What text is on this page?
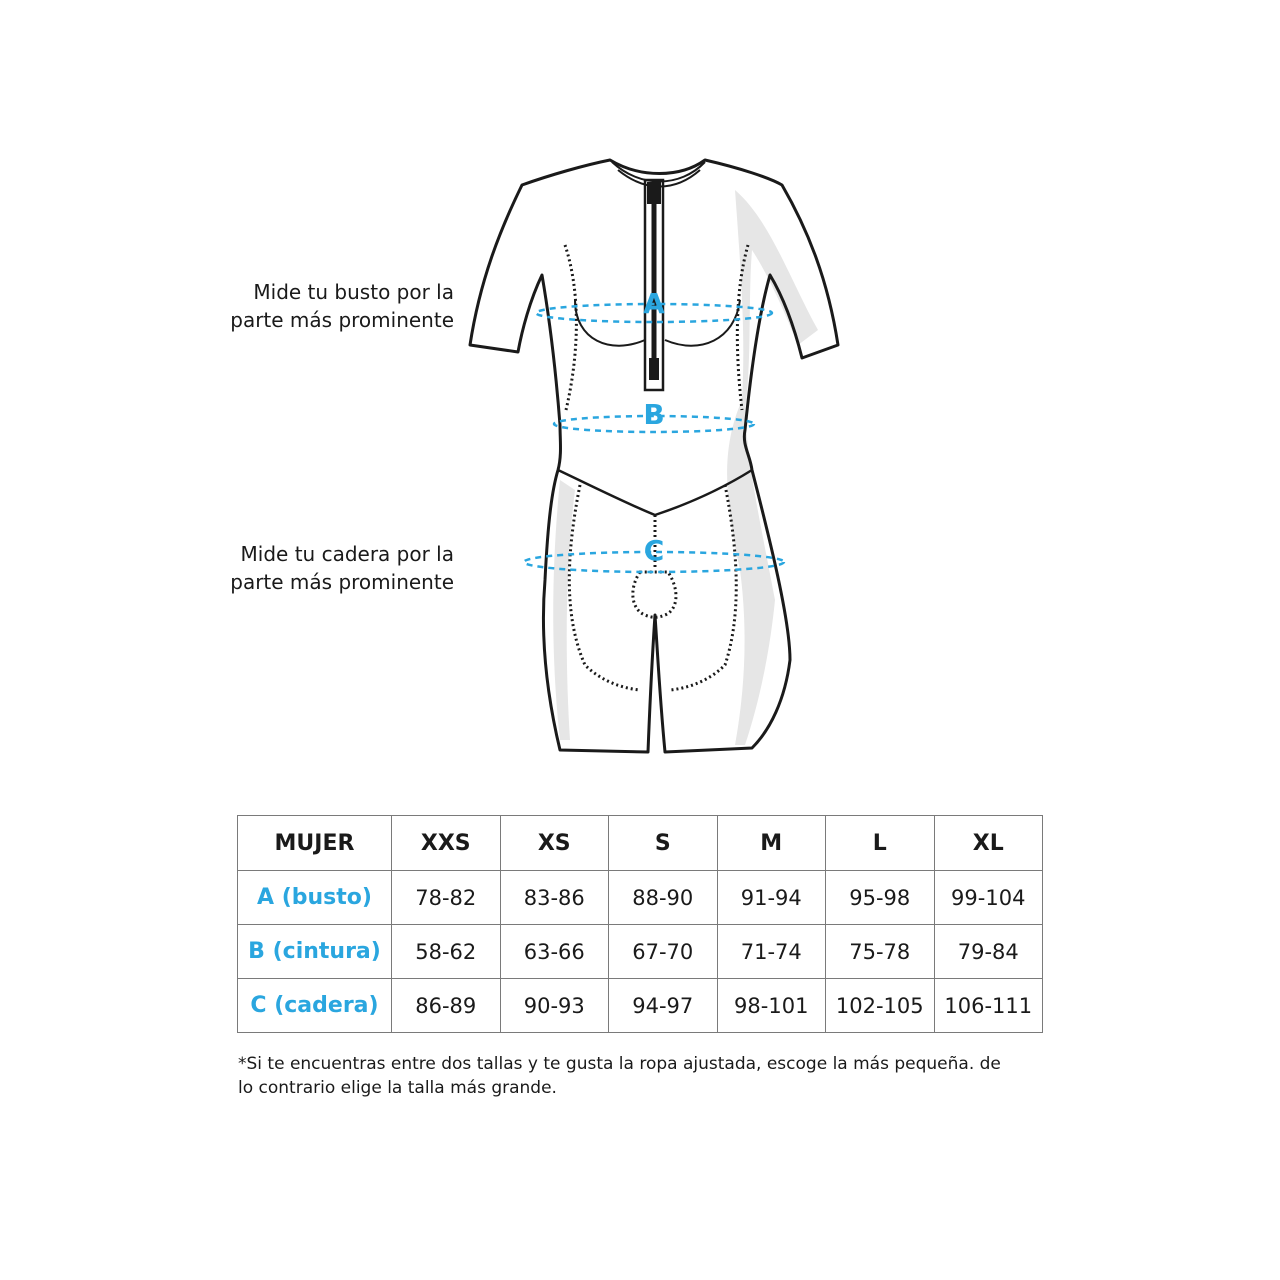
Mide tu busto por la
parte más prominente
Mide tu cadera por la
parte más prominente
A
B
C
MUJER	XXS	XS	S	M	L	XL
A (busto)	78-82	83-86	88-90	91-94	95-98	99-104
B (cintura)	58-62	63-66	67-70	71-74	75-78	79-84
C (cadera)	86-89	90-93	94-97	98-101	102-105	106-111
*Si te encuentras entre dos tallas y te gusta la ropa ajustada, escoge la más pequeña. de
lo contrario elige la talla más grande.
